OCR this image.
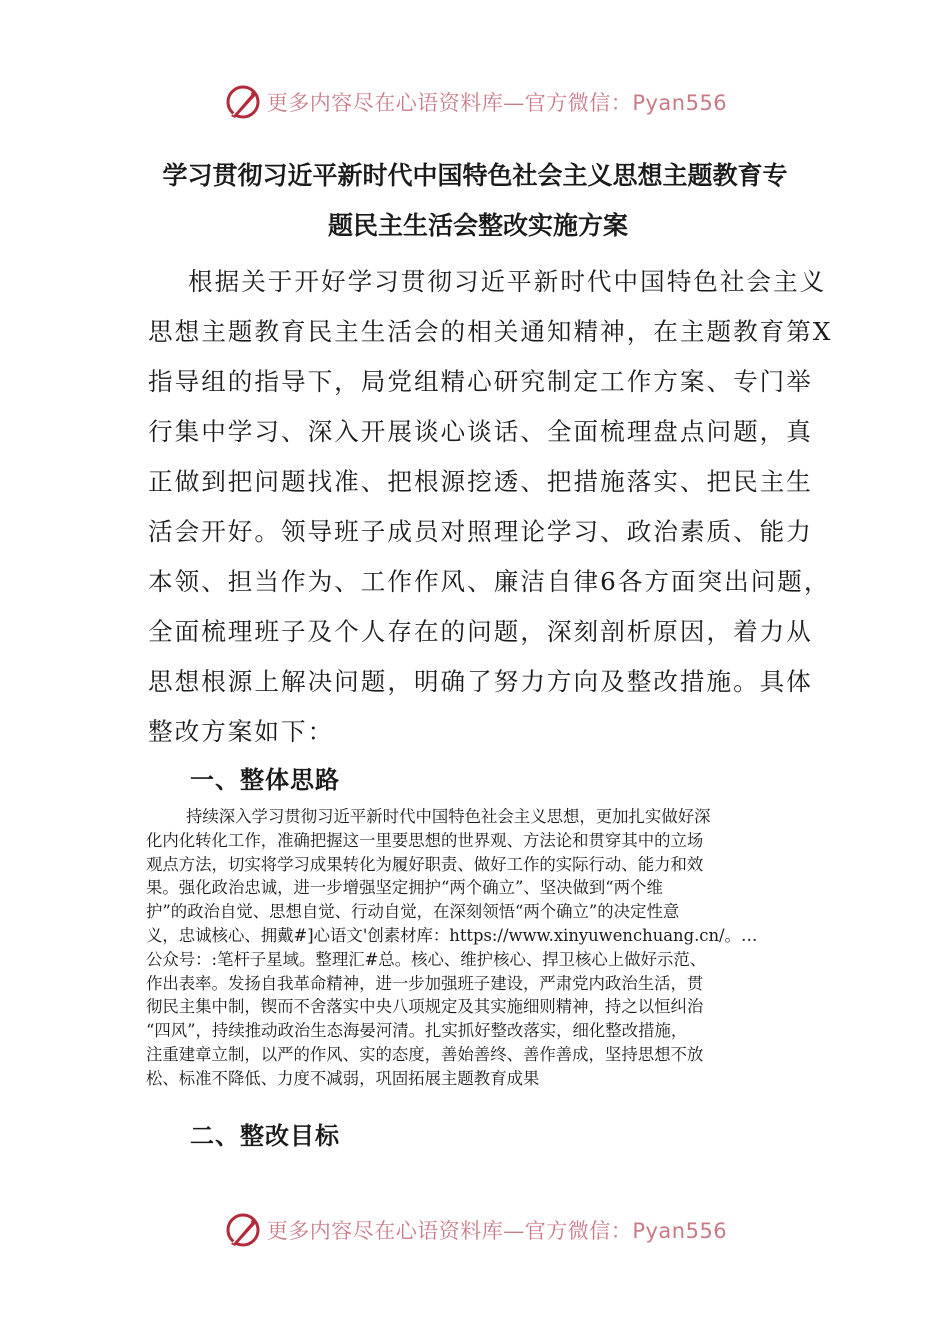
更多内容尽在心语资料库—官方微信：Pyan556
学习贯彻习近平新时代中国特色社会主义思想主题教育专
题民主生活会整改实施方案
根据关于开好学习贯彻习近平新时代中国特色社会主义
思想主题教育民主生活会的相关通知精神，在主题教育第X
指导组的指导下，局党组精心研究制定工作方案、专门举
行集中学习、深入开展谈心谈话、全面梳理盘点问题，真
正做到把问题找准、把根源挖透、把措施落实、把民主生
活会开好。领导班子成员对照理论学习、政治素质、能力
本领、担当作为、工作作风、廉洁自律6各方面突出问题，
全面梳理班子及个人存在的问题，深刻剖析原因，着力从
思想根源上解决问题，明确了努力方向及整改措施。具体
整改方案如下：
一、整体思路
持续深入学习贯彻习近平新时代中国特色社会主义思想，更加扎实做好深
化内化转化工作，准确把握这一里要思想的世界观、方法论和贯穿其中的立场
观点方法，切实将学习成果转化为履好职责、做好工作的实际行动、能力和效
果。强化政治忠诚，进一步增强坚定拥护“两个确立”、坚决做到“两个维
护”的政治自觉、思想自觉、行动自觉，在深刻领悟“两个确立”的决定性意
义，忠诚核心、拥戴#]心语文'创素材库：https://www.xinyuwenchuang.cn/。…
公众号：:笔杆子星域。整理汇#总。核心、维护核心、捍卫核心上做好示范、
作出表率。发扬自我革命精神，进一步加强班子建设，严肃党内政治生活，贯
彻民主集中制，锲而不舍落实中央八项规定及其实施细则精神，持之以恒纠治
“四风”，持续推动政治生态海晏河清。扎实抓好整改落实，细化整改措施，
注重建章立制，以严的作风、实的态度，善始善终、善作善成，坚持思想不放
松、标准不降低、力度不减弱，巩固拓展主题教育成果
二、整改目标
更多内容尽在心语资料库—官方微信：Pyan556
